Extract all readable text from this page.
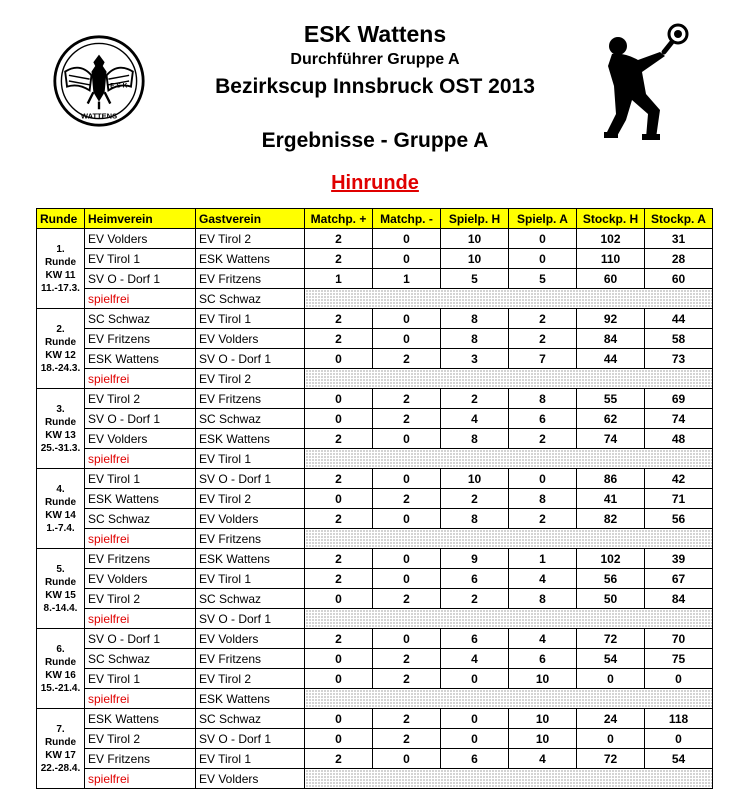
E S K
WATTENS
ESK Wattens
Durchführer Gruppe A
Bezirkscup Innsbruck OST 2013
Ergebnisse - Gruppe A
Hinrunde
Runde	Heimverein	Gastverein	Matchp. +	Matchp. -	Spielp. H	Spielp. A	Stockp. H	Stockp. A

1.
Runde
KW 11
11.-17.3.	EV Volders	EV Tirol 2	2	0	10	0	102	31
	EV Tirol 1	ESK Wattens	2	0	10	0	110	28
	SV O - Dorf 1	EV Fritzens	1	1	5	5	60	60
	spielfrei	SC Schwaz						

2.
Runde
KW 12
18.-24.3.	SC Schwaz	EV Tirol 1	2	0	8	2	92	44
	EV Fritzens	EV Volders	2	0	8	2	84	58
	ESK Wattens	SV O - Dorf 1	0	2	3	7	44	73
	spielfrei	EV Tirol 2						

3.
Runde
KW 13
25.-31.3.	EV Tirol 2	EV Fritzens	0	2	2	8	55	69
	SV O - Dorf 1	SC Schwaz	0	2	4	6	62	74
	EV Volders	ESK Wattens	2	0	8	2	74	48
	spielfrei	EV Tirol 1						

4.
Runde
KW 14
1.-7.4.	EV Tirol 1	SV O - Dorf 1	2	0	10	0	86	42
	ESK Wattens	EV Tirol 2	0	2	2	8	41	71
	SC Schwaz	EV Volders	2	0	8	2	82	56
	spielfrei	EV Fritzens						

5.
Runde
KW 15
8.-14.4.	EV Fritzens	ESK Wattens	2	0	9	1	102	39
	EV Volders	EV Tirol 1	2	0	6	4	56	67
	EV Tirol 2	SC Schwaz	0	2	2	8	50	84
	spielfrei	SV O - Dorf 1						

6.
Runde
KW 16
15.-21.4.	SV O - Dorf 1	EV Volders	2	0	6	4	72	70
	SC Schwaz	EV Fritzens	0	2	4	6	54	75
	EV Tirol 1	EV Tirol 2	0	2	0	10	0	0
	spielfrei	ESK Wattens						

7.
Runde
KW 17
22.-28.4.	ESK Wattens	SC Schwaz	0	2	0	10	24	118
	EV Tirol 2	SV O - Dorf 1	0	2	0	10	0	0
	EV Fritzens	EV Tirol 1	2	0	6	4	72	54
	spielfrei	EV Volders						
